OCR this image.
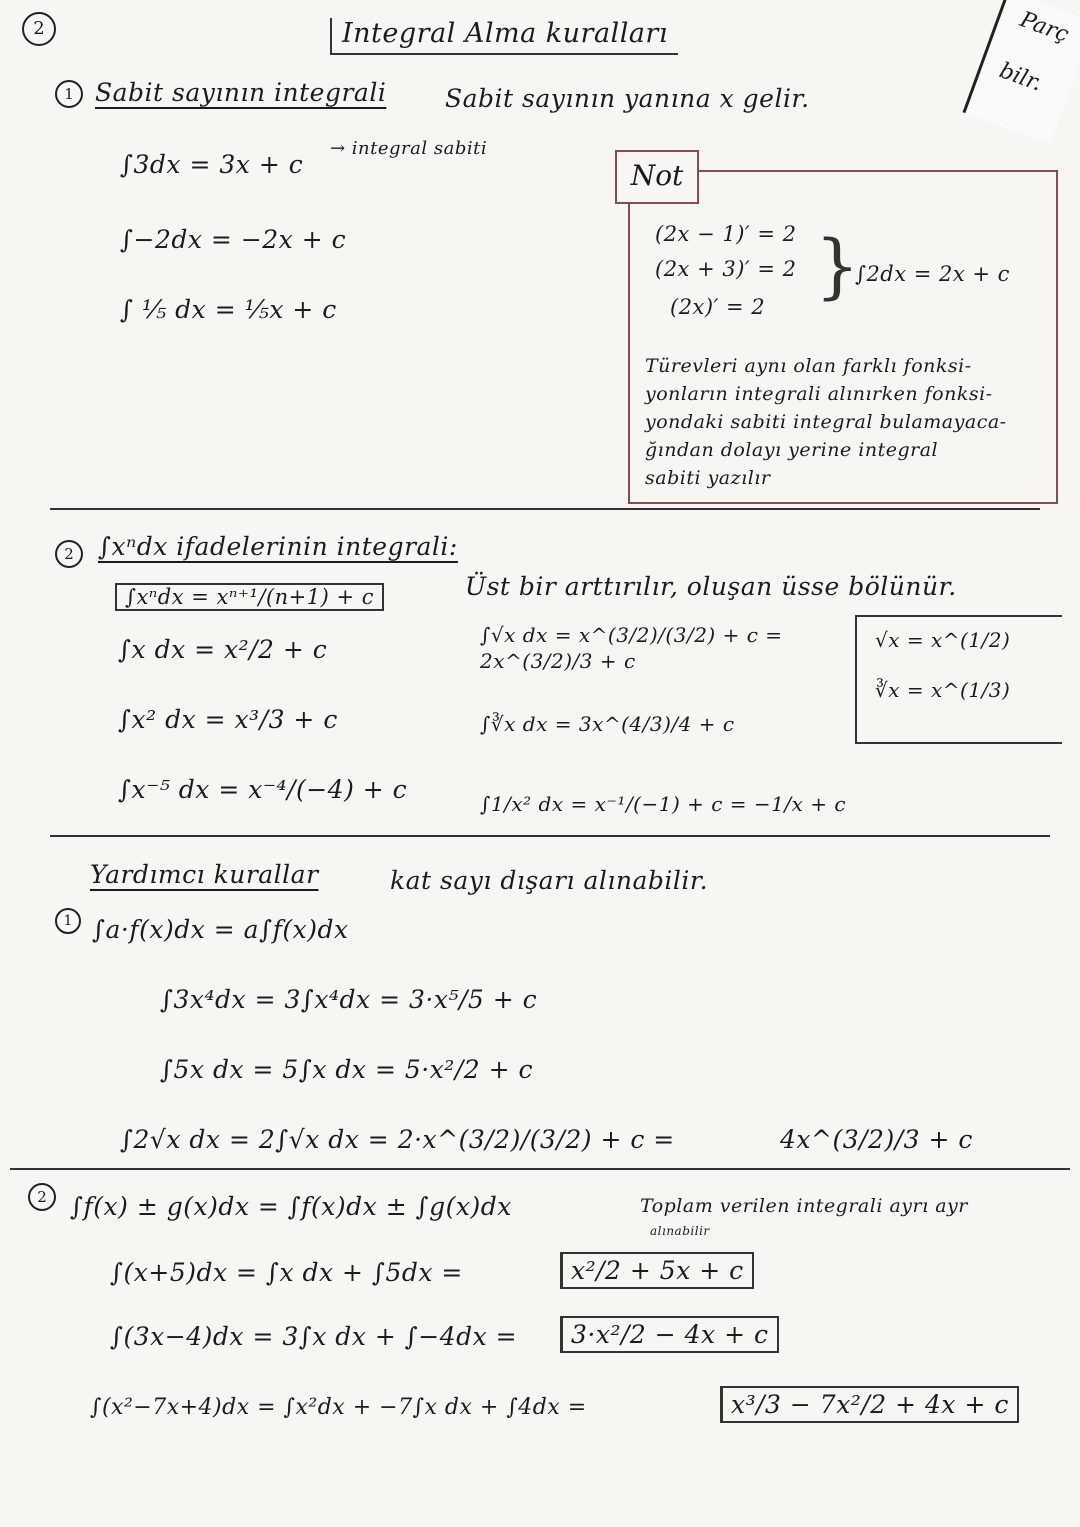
2	Parç
bilr.
Integral Alma kuralları
1 Sabit sayının integrali Sabit sayının yanına x gelir.
∫3dx = 3x + c
→ integral sabiti
∫−2dx = −2x + c
∫ ⅕ dx = ⅕x + c
Not
(2x − 1)′ = 2
(2x + 3)′ = 2
(2x)′ = 2 }
∫2dx = 2x + c
Türevleri aynı olan farklı fonksi-
yonların integrali alınırken fonksi-
yondaki sabiti integral bulamayaca-
ğından dolayı yerine integral
sabiti yazılır
2 ∫xⁿdx ifadelerinin integrali:
Üst bir arttırılır, oluşan üsse bölünür.
∫xⁿdx = xⁿ⁺¹/(n+1) + c
∫x dx = x²/2 + c
∫x² dx = x³/3 + c
∫x⁻⁵ dx = x⁻⁴/(−4) + c
∫√x dx = x^(3/2)/(3/2) + c = 2x^(3/2)/3 + c
∫∛x dx = 3x^(4/3)/4 + c
∫1/x² dx = x⁻¹/(−1) + c = −1/x + c
√x = x^(1/2)
∛x = x^(1/3)
Yardımcı kurallar	kat sayı dışarı alınabilir.
1 ∫a·f(x)dx = a∫f(x)dx
∫3x⁴dx = 3∫x⁴dx = 3·x⁵/5 + c
∫5x dx = 5∫x dx = 5·x²/2 + c
∫2√x dx = 2∫√x dx = 2·x^(3/2)/(3/2) + c =	4x^(3/2)/3 + c
2 ∫f(x) ± g(x)dx = ∫f(x)dx ± ∫g(x)dx	Toplam verilen integrali ayrı ayr
alınabilir
∫(x+5)dx = ∫x dx + ∫5dx =	x²/2 + 5x + c
∫(3x−4)dx = 3∫x dx + ∫−4dx =	3·x²/2 − 4x + c
∫(x²−7x+4)dx = ∫x²dx + −7∫x dx + ∫4dx =	x³/3 − 7x²/2 + 4x + c
